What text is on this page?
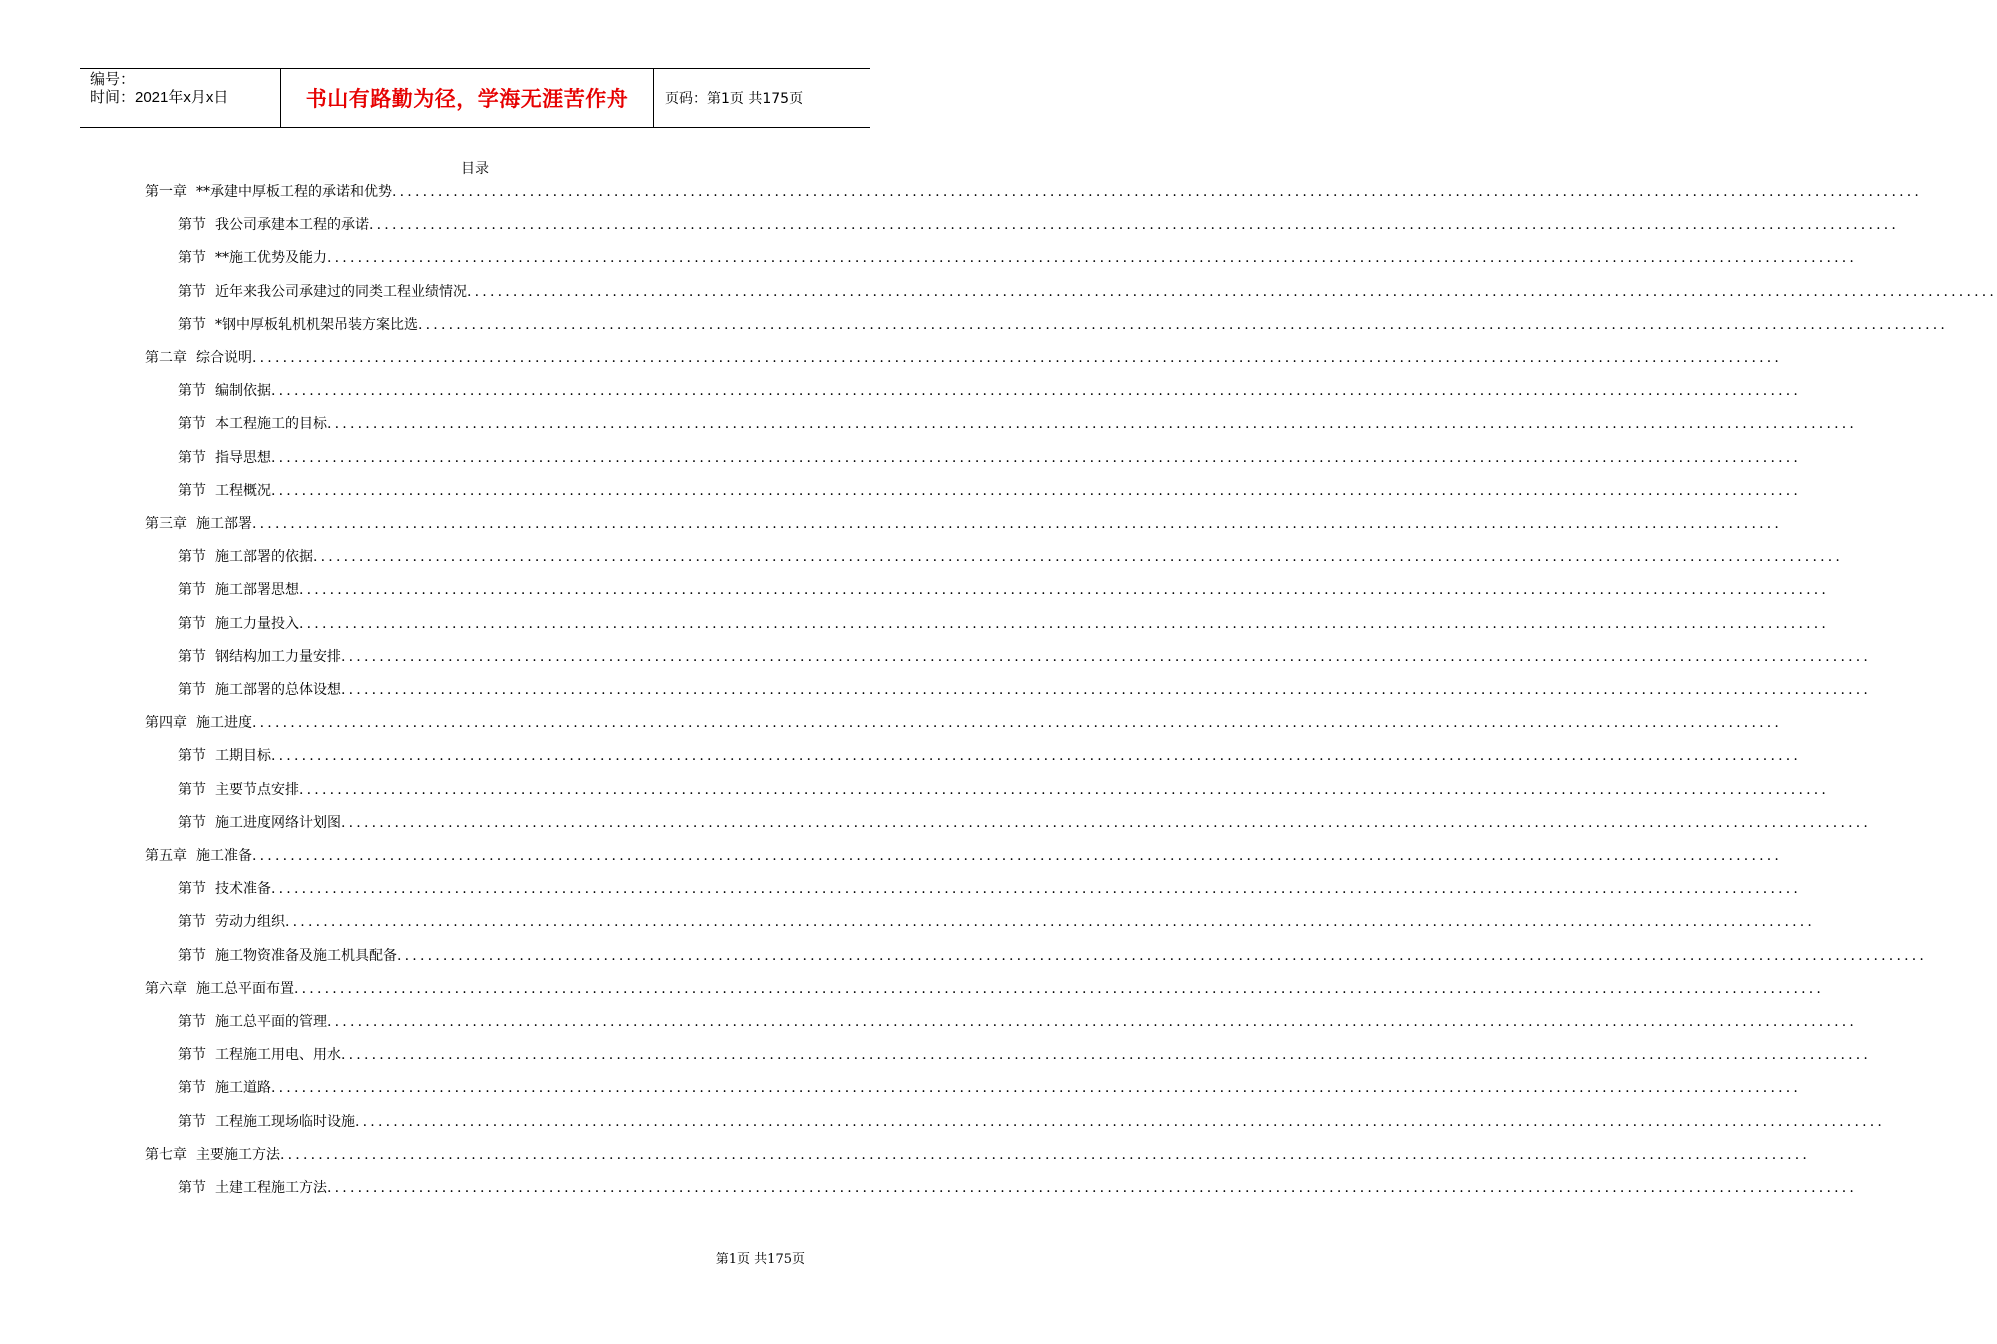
编号：
时间：2021年x月x日	书山有路勤为径，学海无涯苦作舟	页码：第1页 共175页
目录
第一章 **承建中厚板工程的承诺和优势 ........................................................................................................................................................................................................
第节 我公司承建本工程的承诺 ........................................................................................................................................................................................................
第节 **施工优势及能力 ........................................................................................................................................................................................................
第节 近年来我公司承建过的同类工程业绩情况 ........................................................................................................................................................................................................
第节 *钢中厚板轧机机架吊装方案比选 ........................................................................................................................................................................................................
第二章 综合说明 ........................................................................................................................................................................................................
第节 编制依据 ........................................................................................................................................................................................................
第节 本工程施工的目标 ........................................................................................................................................................................................................
第节 指导思想 ........................................................................................................................................................................................................
第节 工程概况 ........................................................................................................................................................................................................
第三章 施工部署 ........................................................................................................................................................................................................
第节 施工部署的依据 ........................................................................................................................................................................................................
第节 施工部署思想 ........................................................................................................................................................................................................
第节 施工力量投入 ........................................................................................................................................................................................................
第节 钢结构加工力量安排 ........................................................................................................................................................................................................
第节 施工部署的总体设想 ........................................................................................................................................................................................................
第四章 施工进度 ........................................................................................................................................................................................................
第节 工期目标 ........................................................................................................................................................................................................
第节 主要节点安排 ........................................................................................................................................................................................................
第节 施工进度网络计划图 ........................................................................................................................................................................................................
第五章 施工准备 ........................................................................................................................................................................................................
第节 技术准备 ........................................................................................................................................................................................................
第节 劳动力组织 ........................................................................................................................................................................................................
第节 施工物资准备及施工机具配备 ........................................................................................................................................................................................................
第六章 施工总平面布置 ........................................................................................................................................................................................................
第节 施工总平面的管理 ........................................................................................................................................................................................................
第节 工程施工用电、用水 ........................................................................................................................................................................................................
第节 施工道路 ........................................................................................................................................................................................................
第节 工程施工现场临时设施 ........................................................................................................................................................................................................
第七章 主要施工方法 ........................................................................................................................................................................................................
第节 土建工程施工方法 ........................................................................................................................................................................................................
第1页 共175页
